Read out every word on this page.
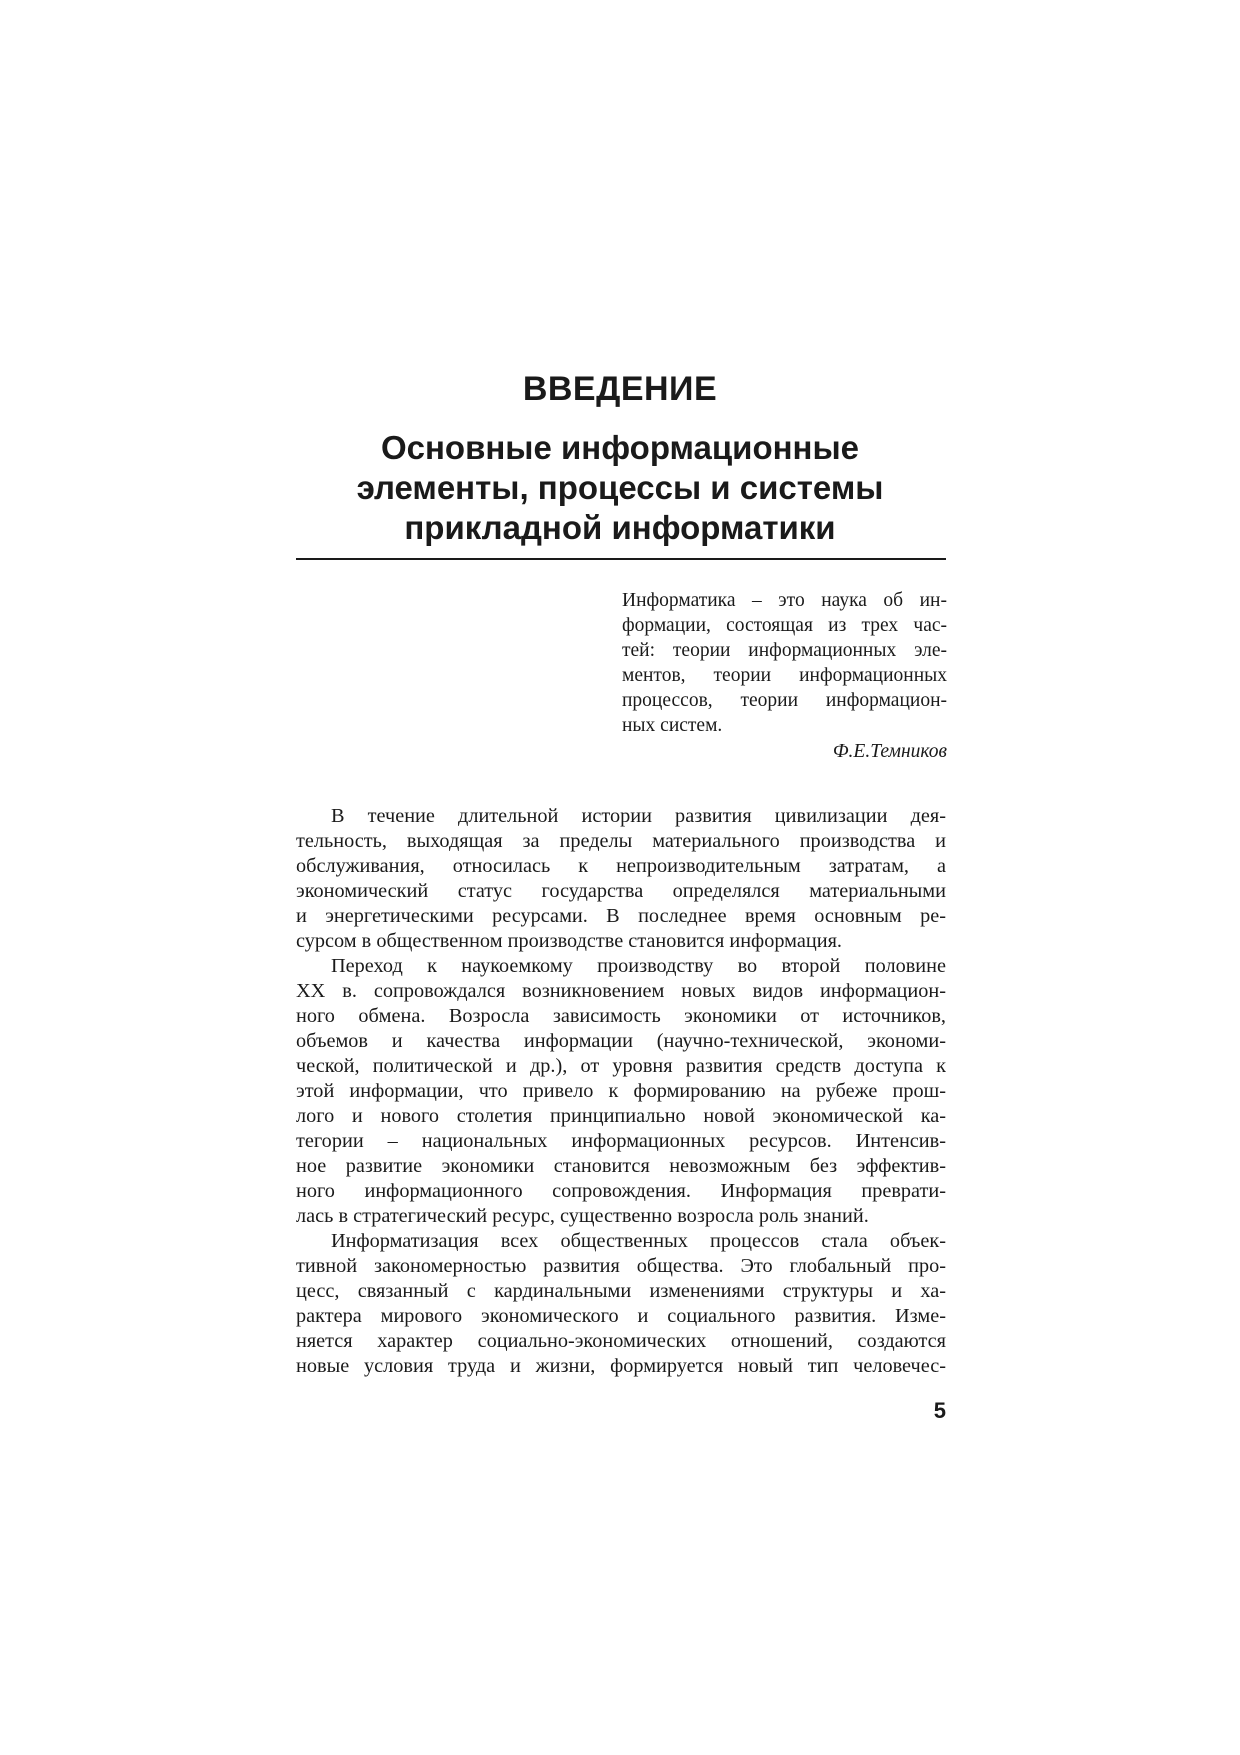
ВВЕДЕНИЕ
Основные информационные
элементы, процессы и системы
прикладной информатики
Информатика – это наука об ин-
формации, состоящая из трех час-
тей: теории информационных эле-
ментов, теории информационных
процессов, теории информацион-
ных систем.
Ф.Е.Темников
В течение длительной истории развития цивилизации дея-
тельность, выходящая за пределы материального производства и
обслуживания, относилась к непроизводительным затратам, а
экономический статус государства определялся материальными
и энергетическими ресурсами. В последнее время основным ре-
сурсом в общественном производстве становится информация.
Переход к наукоемкому производству во второй половине
XX в. сопровождался возникновением новых видов информацион-
ного обмена. Возросла зависимость экономики от источников,
объемов и качества информации (научно-технической, экономи-
ческой, политической и др.), от уровня развития средств доступа к
этой информации, что привело к формированию на рубеже прош-
лого и нового столетия принципиально новой экономической ка-
тегории – национальных информационных ресурсов. Интенсив-
ное развитие экономики становится невозможным без эффектив-
ного информационного сопровождения. Информация преврати-
лась в стратегический ресурс, существенно возросла роль знаний.
Информатизация всех общественных процессов стала объек-
тивной закономерностью развития общества. Это глобальный про-
цесс, связанный с кардинальными изменениями структуры и ха-
рактера мирового экономического и социального развития. Изме-
няется характер социально-экономических отношений, создаются
новые условия труда и жизни, формируется новый тип человечес-
5
